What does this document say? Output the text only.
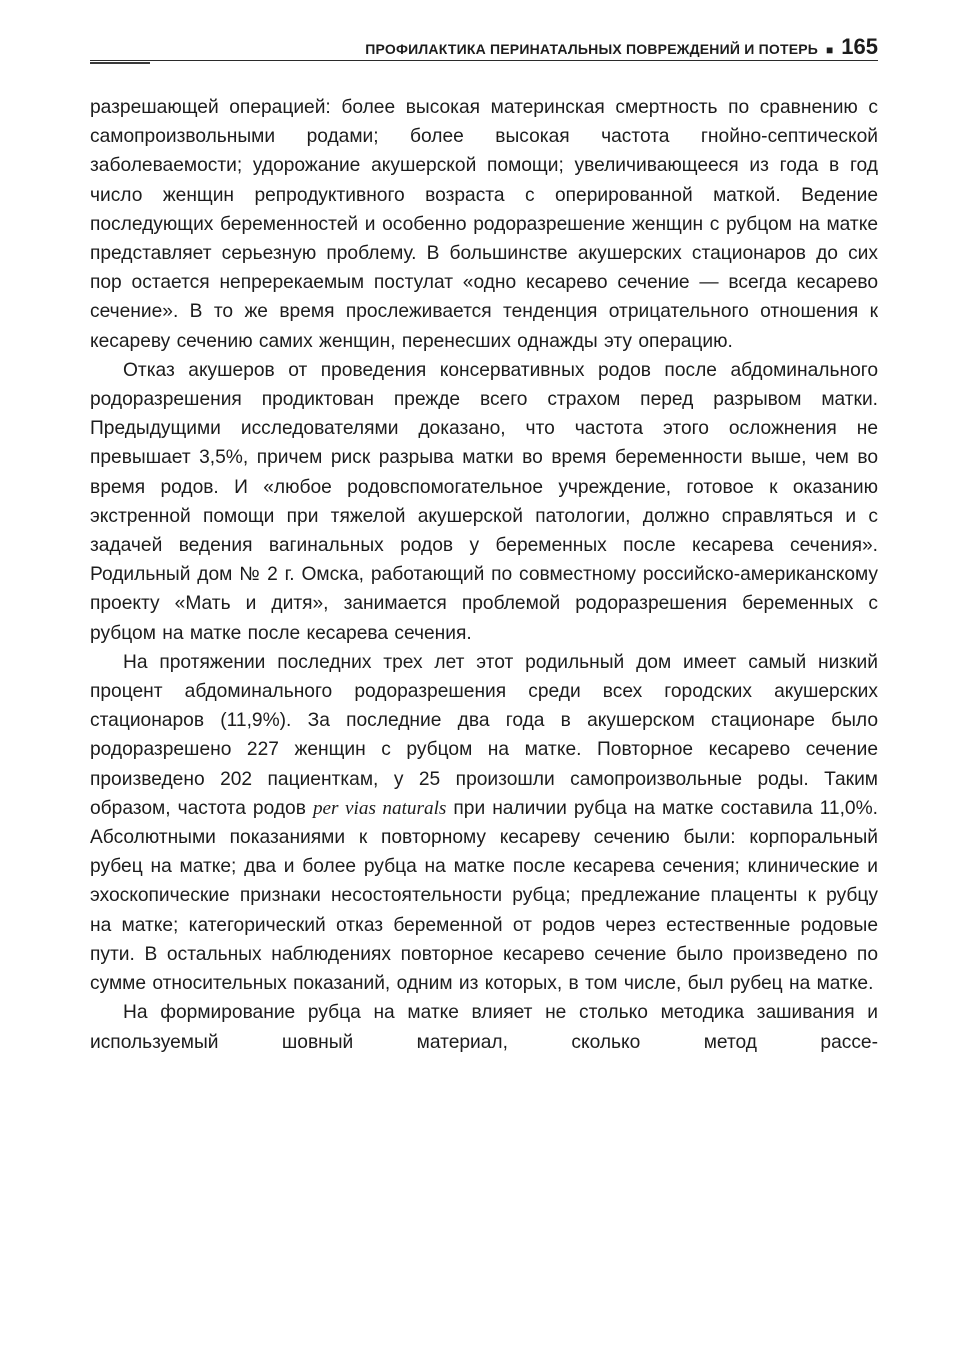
ПРОФИЛАКТИКА ПЕРИНАТАЛЬНЫХ ПОВРЕЖДЕНИЙ И ПОТЕРЬ ■ 165

разрешающей операцией: более высокая материнская смертность по сравнению с самопроизвольными родами; более высокая частота гнойно-септической заболеваемости; удорожание акушерской помощи; увеличивающееся из года в год число женщин репродуктивного возраста с оперированной маткой. Ведение последующих беременностей и особенно родоразрешение женщин с рубцом на матке представляет серьезную проблему. В большинстве акушерских стационаров до сих пор остается непререкаемым постулат «одно кесарево сечение — всегда кесарево сечение». В то же время прослеживается тенденция отрицательного отношения к кесареву сечению самих женщин, перенесших однажды эту операцию.

Отказ акушеров от проведения консервативных родов после абдоминального родоразрешения продиктован прежде всего страхом перед разрывом матки. Предыдущими исследователями доказано, что частота этого осложнения не превышает 3,5%, причем риск разрыва матки во время беременности выше, чем во время родов. И «любое родовспомогательное учреждение, готовое к оказанию экстренной помощи при тяжелой акушерской патологии, должно справляться и с задачей ведения вагинальных родов у беременных после кесарева сечения». Родильный дом № 2 г. Омска, работающий по совместному российско-американскому проекту «Мать и дитя», занимается проблемой родоразрешения беременных с рубцом на матке после кесарева сечения.

На протяжении последних трех лет этот родильный дом имеет самый низкий процент абдоминального родоразрешения среди всех городских акушерских стационаров (11,9%). За последние два года в акушерском стационаре было родоразрешено 227 женщин с рубцом на матке. Повторное кесарево сечение произведено 202 пациенткам, у 25 произошли самопроизвольные роды. Таким образом, частота родов per vias naturals при наличии рубца на матке составила 11,0%. Абсолютными показаниями к повторному кесареву сечению были: корпоральный рубец на матке; два и более рубца на матке после кесарева сечения; клинические и эхоскопические признаки несостоятельности рубца; предлежание плаценты к рубцу на матке; категорический отказ беременной от родов через естественные родовые пути. В остальных наблюдениях повторное кесарево сечение было произведено по сумме относительных показаний, одним из которых, в том числе, был рубец на матке.

На формирование рубца на матке влияет не столько методика зашивания и используемый шовный материал, сколько метод рассе-
